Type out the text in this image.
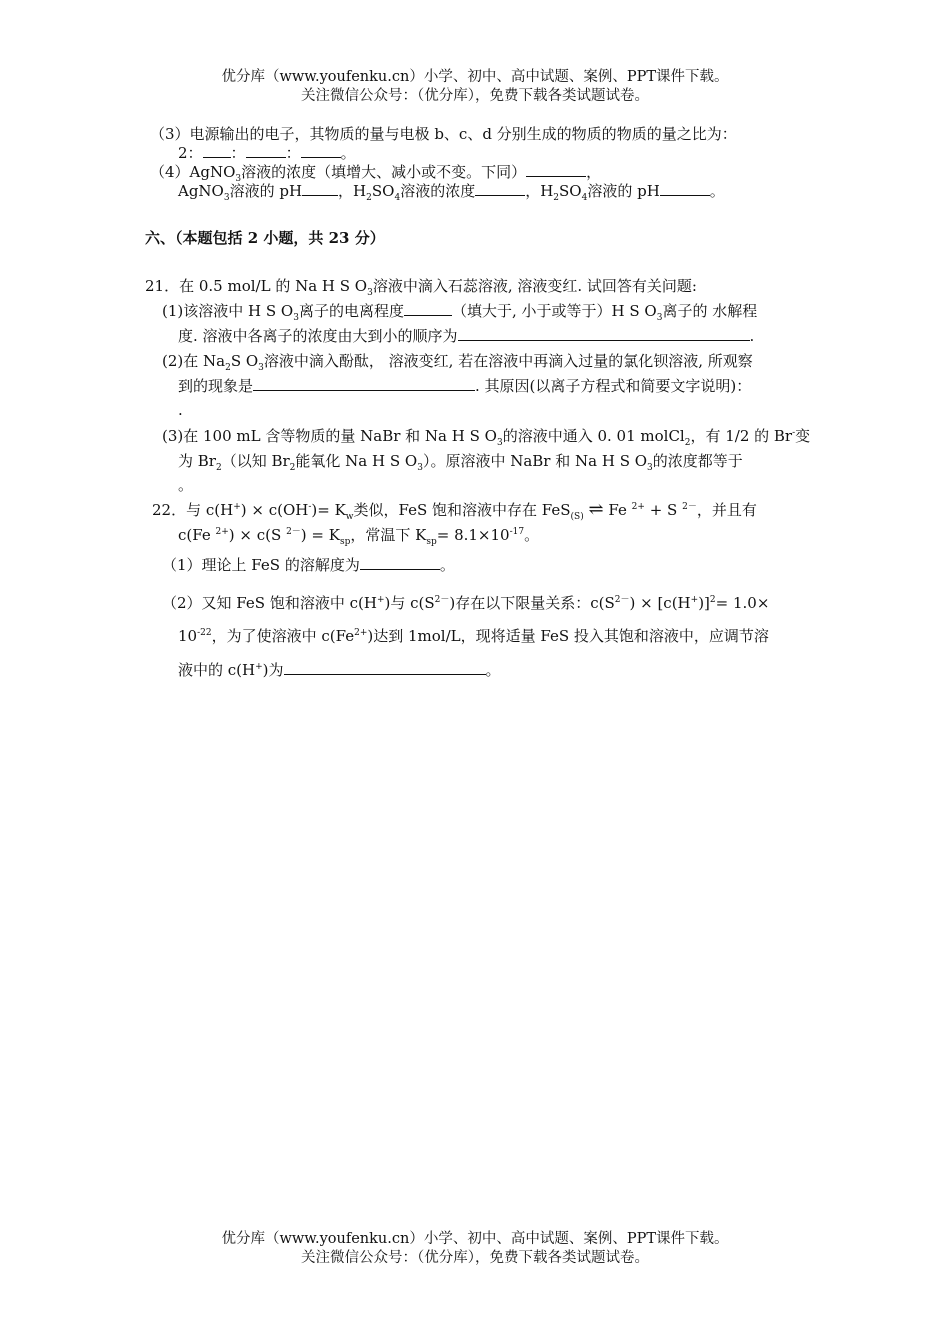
优分库（www.youfenku.cn）小学、初中、高中试题、案例、PPT课件下载。
关注微信公众号：（优分库），免费下载各类试题试卷。
（3）电源输出的电子，其物质的量与电极 b、c、d 分别生成的物质的物质的量之比为：
2： ：	：	。
（4）AgNO$_3$溶液的浓度（填增大、减小或不变。下同）	，
AgNO$_3$溶液的 pH ，$H_2SO_4$溶液的浓度	，$H_2SO_4$溶液的 pH	。
六、（本题包括 2 小题，共 23 分）
21．在 0.5 mol/L 的 Na H S $O_3$溶液中滴入石蕊溶液, 溶液变红. 试回答有关问题:
(1)该溶液中 H S $O_3$离子的电离程度	（填大于, 小于或等于）H S $O_3$离子的 水解程
度. 溶液中各离子的浓度由大到小的顺序为	.
(2)在 $Na_2S$ $O_3$溶液中滴入酚酞， 溶液变红, 若在溶液中再滴入过量的氯化钡溶液, 所观察
到的现象是	. 其原因(以离子方程式和简要文字说明)：
.
(3)在 100 mL 含等物质的量 NaBr 和 Na H S $O_3$的溶液中通入 0. 01 molCl$_2$，有 1/2 的 Br-变
为 $Br_2$（以知 $Br_2$能氧化 Na H S $O_3$）。原溶液中 NaBr 和 Na H S $O_3$的浓度都等于
。
22．与 $c(H^+) \times c(OH^-)= K_w$类似，FeS 饱和溶液中存在 FeS$_{(S)}$ ⇌ Fe $^{2+}$ + S $^{2-}$，并且有
c(Fe $^{2+}$) × c(S $^{2-}) = K_{sp}$，常温下 $K_{sp}= 8.1\times 10^{-17}$。
（1）理论上 FeS 的溶解度为	。
（2）又知 FeS 饱和溶液中 c(H+)与 $c(S^{2-})$存在以下限量关系：$c(S^{2-}) \times [c(H^+)]^2= 1.0\times$
$10^{-22}$，为了使溶液中 $c(Fe^{2+})$达到 1mol/L，现将适量 FeS 投入其饱和溶液中，应调节溶
液中的 c(H+)为	。
优分库（www.youfenku.cn）小学、初中、高中试题、案例、PPT课件下载。
关注微信公众号：（优分库），免费下载各类试题试卷。
